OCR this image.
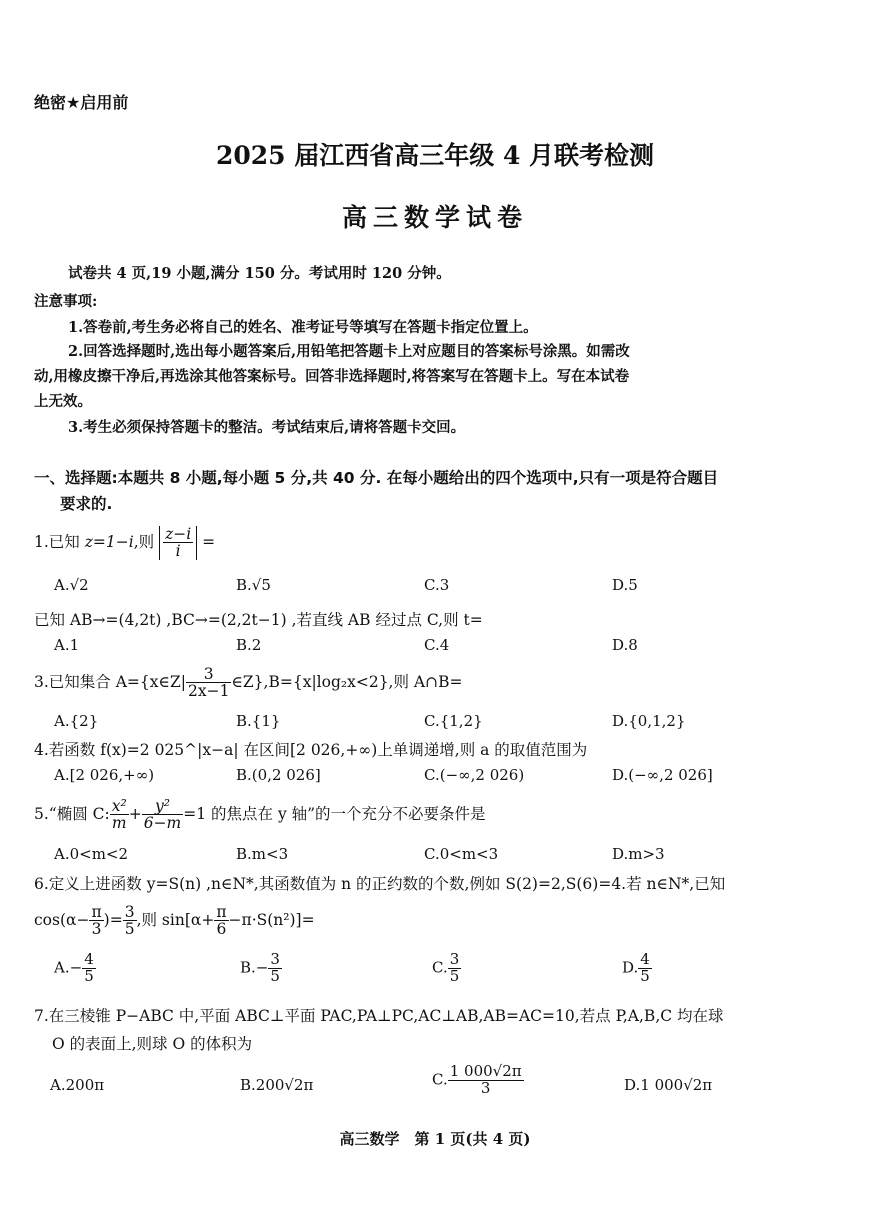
绝密★启用前
2025 届江西省高三年级 4 月联考检测
高三数学试卷
试卷共 4 页,19 小题,满分 150 分。考试用时 120 分钟。
注意事项:
1.答卷前,考生务必将自己的姓名、准考证号等填写在答题卡指定位置上。
2.回答选择题时,选出每小题答案后,用铅笔把答题卡上对应题目的答案标号涂黑。如需改
动,用橡皮擦干净后,再选涂其他答案标号。回答非选择题时,将答案写在答题卡上。写在本试卷
上无效。
3.考生必须保持答题卡的整洁。考试结束后,请将答题卡交回。
一、选择题:本题共 8 小题,每小题 5 分,共 40 分. 在每小题给出的四个选项中,只有一项是符合题目
要求的.
1.已知 z=1−i,则 $\frac{z-i}{i}$ =
A.√2	B.√5	C.3	D.5
已知 AB→=(4,2t) ,BC→=(2,2t−1) ,若直线 AB 经过点 C,则 t=
A.1	B.2	C.4	D.8
3.已知集合 A={x∈Z| $\frac{3}{2x-1}$ ∈Z},B={x|log₂x<2},则 A∩B=
A.{2}	B.{1}	C.{1,2}	D.{0,1,2}
4.若函数 f(x)=2 025^|x−a| 在区间[2 026,+∞)上单调递增,则 a 的取值范围为
A.[2 026,+∞)	B.(0,2 026]	C.(−∞,2 026)	D.(−∞,2 026]
5.“椭圆 C: $\frac{\text{x²}}{m} + \frac{\text{y²}}{6-m} =1$ 的焦点在 y 轴”的一个充分不必要条件是
A.0<m<2	B.m<3	C.0<m<3	D.m>3
6.定义上进函数 y=S(n) ,n∈N*,其函数值为 n 的正约数的个数,例如 S(2)=2,S(6)=4.若 n∈N*,已知
$\cos(\alpha- \frac{\pi}{3}$ )= $\frac{3}{5}$ ,则 $\sin[\alpha+ \frac{\pi}{6} -\pi\cdot S(n^2)]=$
$A.- \frac{4}{5}$	$B.- \frac{3}{5}$	C. $\frac{3}{5}$	D. $\frac{4}{5}$
7.在三棱锥 P−ABC 中,平面 ABC⊥平面 PAC,PA⊥PC,AC⊥AB,AB=AC=10,若点 P,A,B,C 均在球
O 的表面上,则球 O 的体积为
A.200π	B.200√2π	C. $\frac{1 000√2\pi}{3}$	D.1 000√2π
高三数学　第 1 页(共 4 页)
